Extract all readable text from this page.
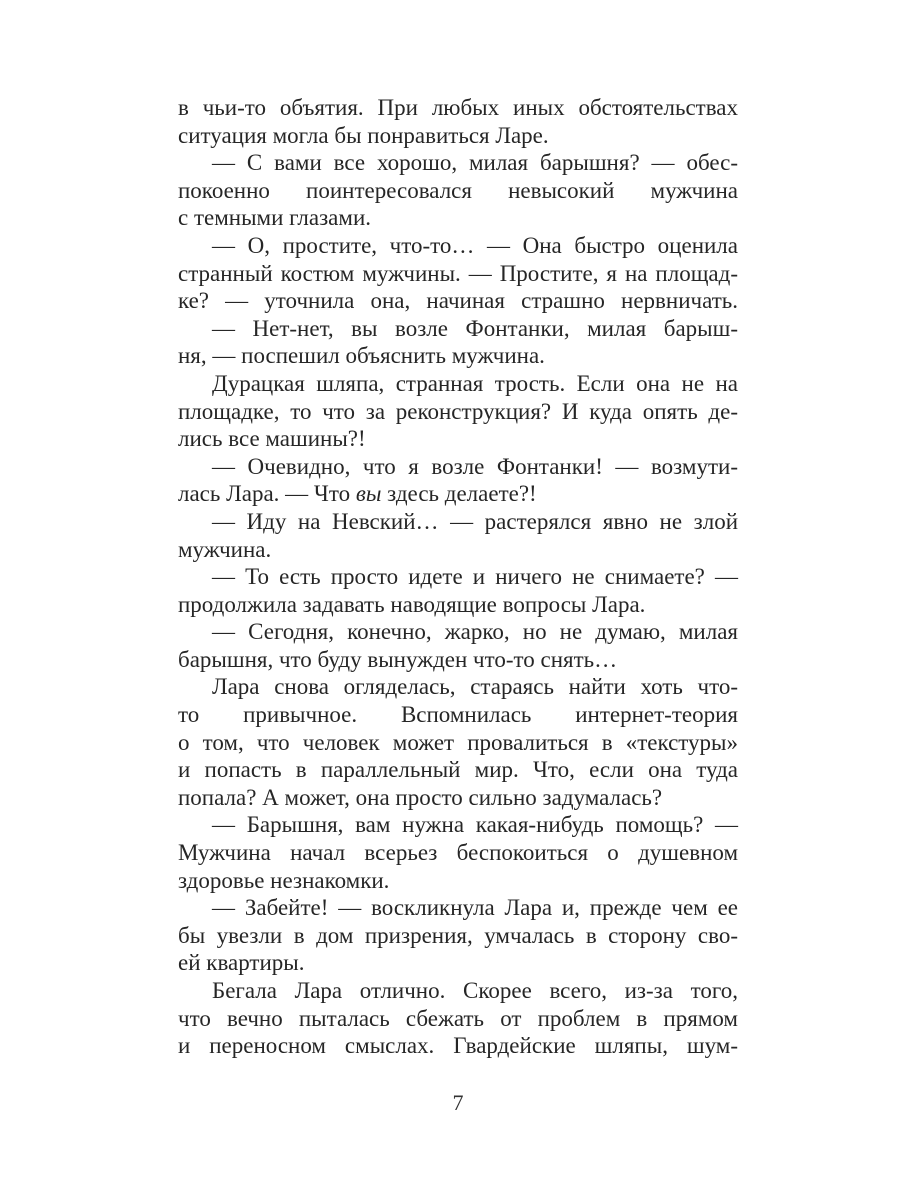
в чьи-то объятия. При любых иных обстоятельствах
ситуация могла бы понравиться Ларе.
— С вами все хорошо, милая барышня? — обес-
покоенно поинтересовался невысокий мужчина
с темными глазами.
— О, простите, что-то… — Она быстро оценила
странный костюм мужчины. — Простите, я на площад-
ке? — уточнила она, начиная страшно нервничать.
— Нет-нет, вы возле Фонтанки, милая барыш-
ня, — поспешил объяснить мужчина.
Дурацкая шляпа, странная трость. Если она не на
площадке, то что за реконструкция? И куда опять де-
лись все машины?!
— Очевидно, что я возле Фонтанки! — возмути-
лась Лара. — Что вы здесь делаете?!
— Иду на Невский… — растерялся явно не злой
мужчина.
— То есть просто идете и ничего не снимаете? —
продолжила задавать наводящие вопросы Лара.
— Сегодня, конечно, жарко, но не думаю, милая
барышня, что буду вынужден что-то снять…
Лара снова огляделась, стараясь найти хоть что-
то привычное. Вспомнилась интернет-теория
о том, что человек может провалиться в «текстуры»
и попасть в параллельный мир. Что, если она туда
попала? А может, она просто сильно задумалась?
— Барышня, вам нужна какая-нибудь помощь? —
Мужчина начал всерьез беспокоиться о душевном
здоровье незнакомки.
— Забейте! — воскликнула Лара и, прежде чем ее
бы увезли в дом призрения, умчалась в сторону сво-
ей квартиры.
Бегала Лара отлично. Скорее всего, из-за того,
что вечно пыталась сбежать от проблем в прямом
и переносном смыслах. Гвардейские шляпы, шум-
7
